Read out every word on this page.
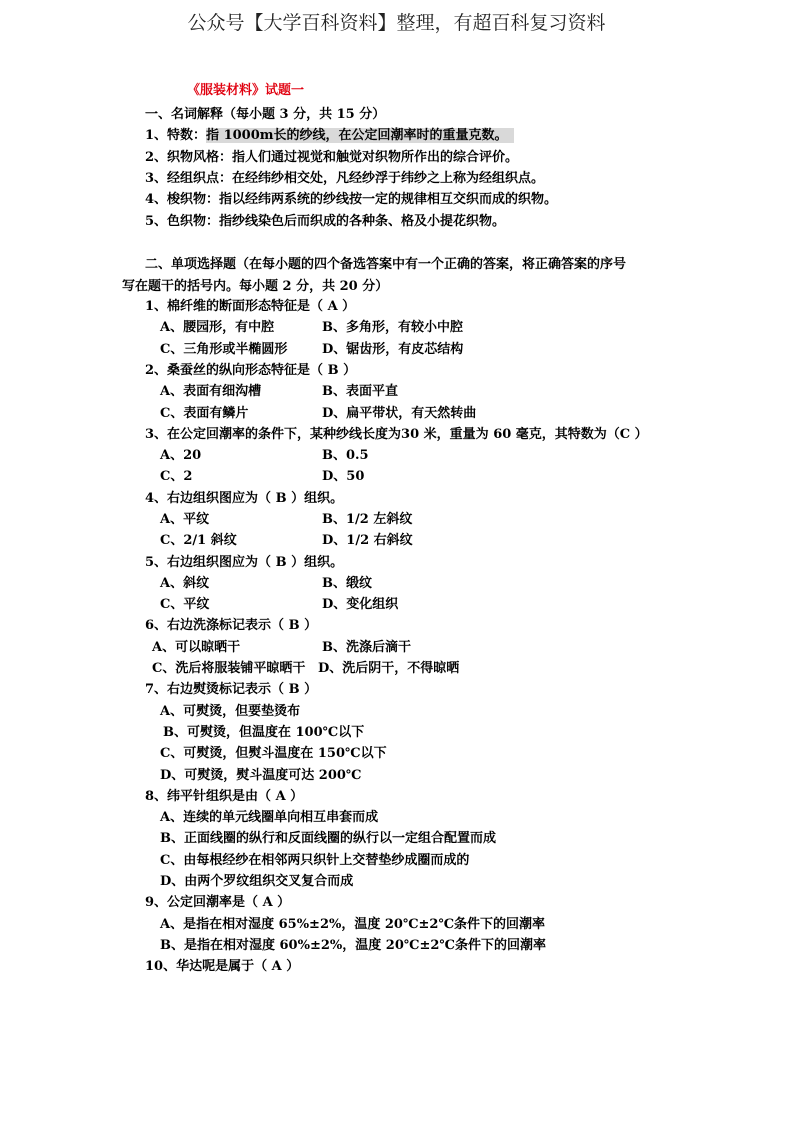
公众号【大学百科资料】整理，有超百科复习资料
《服装材料》试题一
一、名词解释（每小题 3 分，共 15 分）
1、特数：指 1000m长的纱线，在公定回潮率时的重量克数。
2、织物风格：指人们通过视觉和触觉对织物所作出的综合评价。
3、经组织点：在经纬纱相交处，凡经纱浮于纬纱之上称为经组织点。
4、梭织物：指以经纬两系统的纱线按一定的规律相互交织而成的织物。
5、色织物：指纱线染色后而织成的各种条、格及小提花织物。
二、单项选择题（在每小题的四个备选答案中有一个正确的答案，将正确答案的序号
写在题干的括号内。每小题 2 分，共 20 分）
1、棉纤维的断面形态特征是（ A ）
A、腰园形，有中腔	B、多角形，有较小中腔
C、三角形或半椭圆形	D、锯齿形，有皮芯结构
2、桑蚕丝的纵向形态特征是（ B ）
A、表面有细沟槽	B、表面平直
C、表面有鳞片	D、扁平带状，有天然转曲
3、在公定回潮率的条件下，某种纱线长度为30 米，重量为 60 毫克，其特数为（C ）
A、20	B、0.5
C、2	D、50
4、右边组织图应为（ B ）组织。
A、平纹	B、1/2 左斜纹
C、2/1 斜纹	D、1/2 右斜纹
5、右边组织图应为（ B ）组织。
A、斜纹	B、缎纹
C、平纹	D、变化组织
6、右边洗涤标记表示（ B ）
A、可以晾晒干	B、洗涤后滴干
C、洗后将服装铺平晾晒干 D、洗后阴干，不得晾晒
7、右边熨烫标记表示（ B ）
A、可熨烫，但要垫烫布
B、可熨烫，但温度在 100℃以下
C、可熨烫，但熨斗温度在 150℃以下
D、可熨烫，熨斗温度可达 200℃
8、纬平针组织是由（ A ）
A、连续的单元线圈单向相互串套而成
B、正面线圈的纵行和反面线圈的纵行以一定组合配置而成
C、由每根经纱在相邻两只织针上交替垫纱成圈而成的
D、由两个罗纹组织交叉复合而成
9、公定回潮率是（ A ）
A、是指在相对湿度 65%±2%，温度 20℃±2℃条件下的回潮率
B、是指在相对湿度 60%±2%，温度 20℃±2℃条件下的回潮率
10、华达呢是属于（ A ）
